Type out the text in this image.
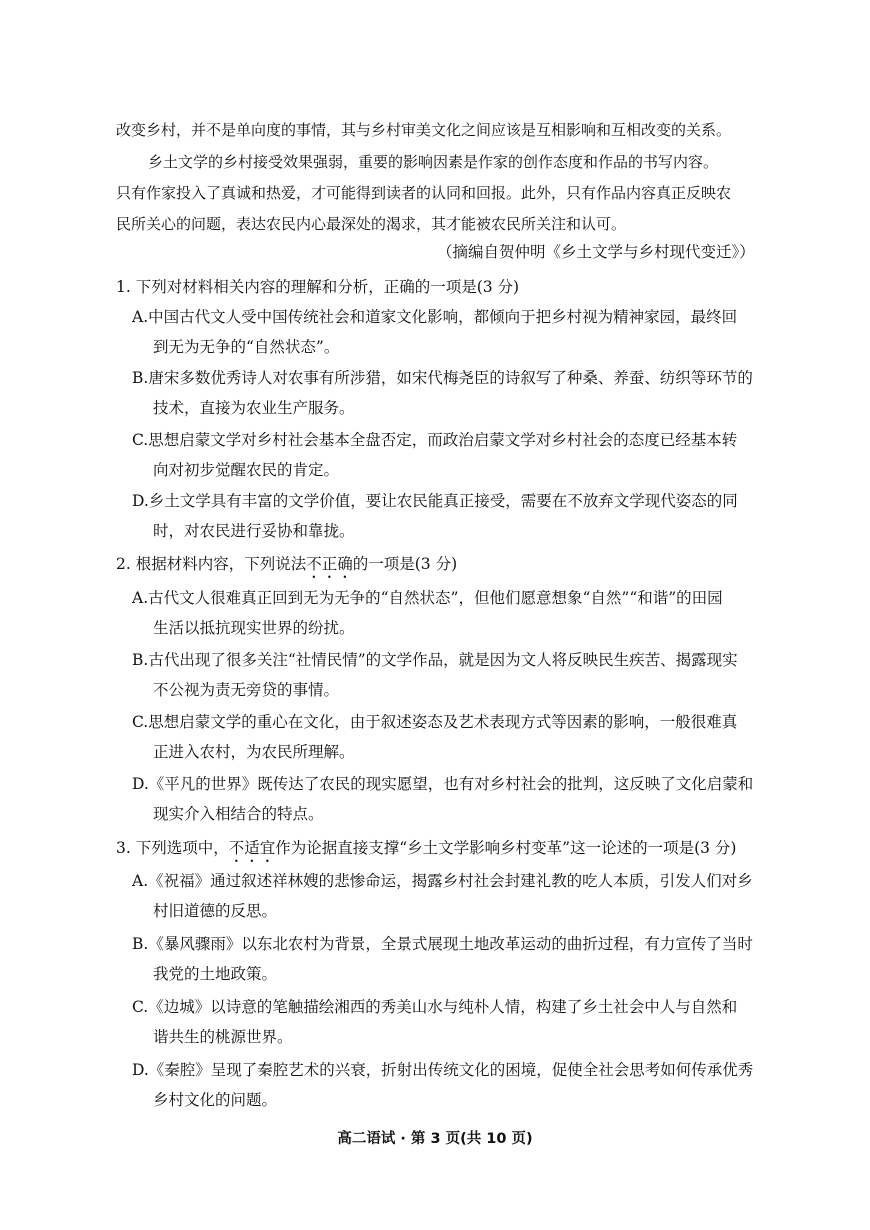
改变乡村，并不是单向度的事情，其与乡村审美文化之间应该是互相影响和互相改变的关系。
乡土文学的乡村接受效果强弱，重要的影响因素是作家的创作态度和作品的书写内容。
只有作家投入了真诚和热爱，才可能得到读者的认同和回报。此外，只有作品内容真正反映农
民所关心的问题，表达农民内心最深处的渴求，其才能被农民所关注和认可。
（摘编自贺仲明《乡土文学与乡村现代变迁》）
1. 下列对材料相关内容的理解和分析，正确的一项是(3 分)
A.中国古代文人受中国传统社会和道家文化影响，都倾向于把乡村视为精神家园，最终回
到无为无争的“自然状态”。
B.唐宋多数优秀诗人对农事有所涉猎，如宋代梅尧臣的诗叙写了种桑、养蚕、纺织等环节的
技术，直接为农业生产服务。
C.思想启蒙文学对乡村社会基本全盘否定，而政治启蒙文学对乡村社会的态度已经基本转
向对初步觉醒农民的肯定。
D.乡土文学具有丰富的文学价值，要让农民能真正接受，需要在不放弃文学现代姿态的同
时，对农民进行妥协和靠拢。
2. 根据材料内容，下列说法不正确的一项是(3 分)
A.古代文人很难真正回到无为无争的“自然状态”，但他们愿意想象“自然”“和谐”的田园
生活以抵抗现实世界的纷扰。
B.古代出现了很多关注“社情民情”的文学作品，就是因为文人将反映民生疾苦、揭露现实
不公视为责无旁贷的事情。
C.思想启蒙文学的重心在文化，由于叙述姿态及艺术表现方式等因素的影响，一般很难真
正进入农村，为农民所理解。
D.《平凡的世界》既传达了农民的现实愿望，也有对乡村社会的批判，这反映了文化启蒙和
现实介入相结合的特点。
3. 下列选项中，不适宜作为论据直接支撑“乡土文学影响乡村变革”这一论述的一项是(3 分)
A.《祝福》通过叙述祥林嫂的悲惨命运，揭露乡村社会封建礼教的吃人本质，引发人们对乡
村旧道德的反思。
B.《暴风骤雨》以东北农村为背景，全景式展现土地改革运动的曲折过程，有力宣传了当时
我党的土地政策。
C.《边城》以诗意的笔触描绘湘西的秀美山水与纯朴人情，构建了乡土社会中人与自然和
谐共生的桃源世界。
D.《秦腔》呈现了秦腔艺术的兴衰，折射出传统文化的困境，促使全社会思考如何传承优秀
乡村文化的问题。
高二语试 · 第 3 页(共 10 页)
